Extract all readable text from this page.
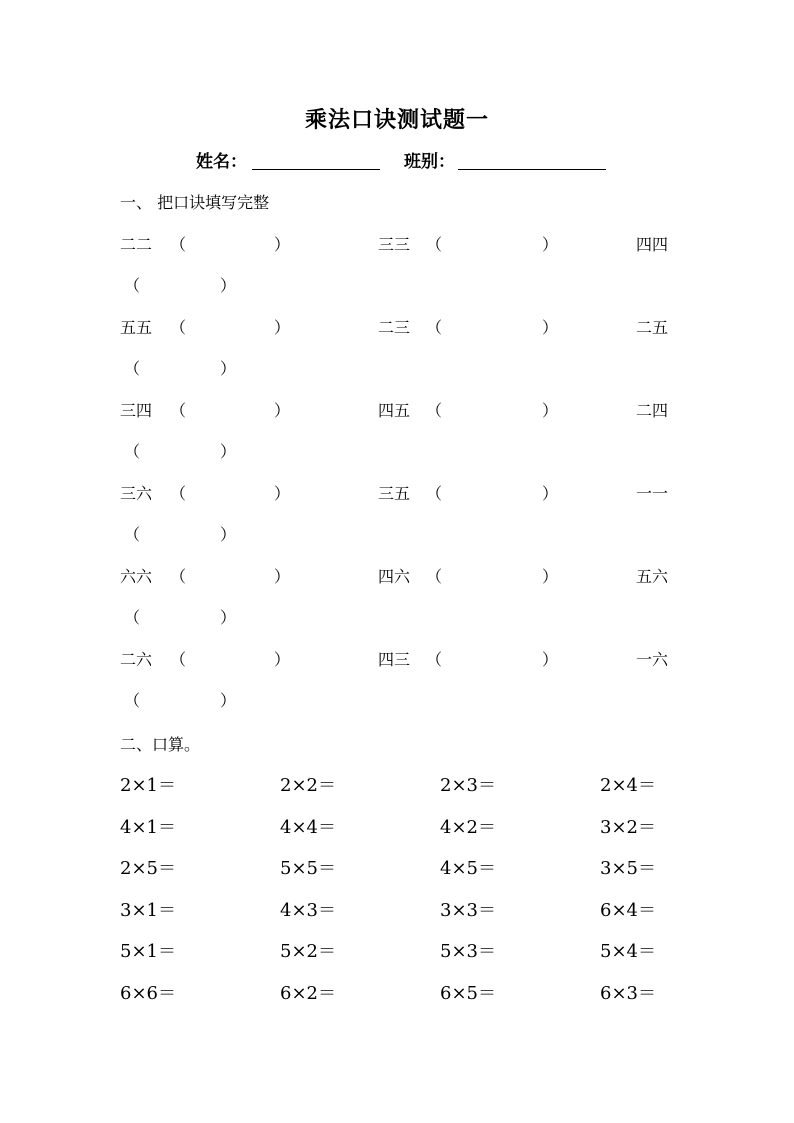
乘法口诀测试题一
姓名：	班别：
一、 把口诀填写完整
二二 （	）	三三 （	）	四四
（	）
五五 （	）	二三 （	）	二五
（	）
三四 （	）	四五 （	）	二四
（	）
三六 （	）	三五 （	）	一一
（	）
六六 （	）	四六 （	）	五六
（	）
二六 （	）	四三 （	）	一六
（	）
二、口算。
2×1＝	2×2＝	2×3＝	2×4＝
4×1＝	4×4＝	4×2＝	3×2＝
2×5＝	5×5＝	4×5＝	3×5＝
3×1＝	4×3＝	3×3＝	6×4＝
5×1＝	5×2＝	5×3＝	5×4＝
6×6＝	6×2＝	6×5＝	6×3＝
